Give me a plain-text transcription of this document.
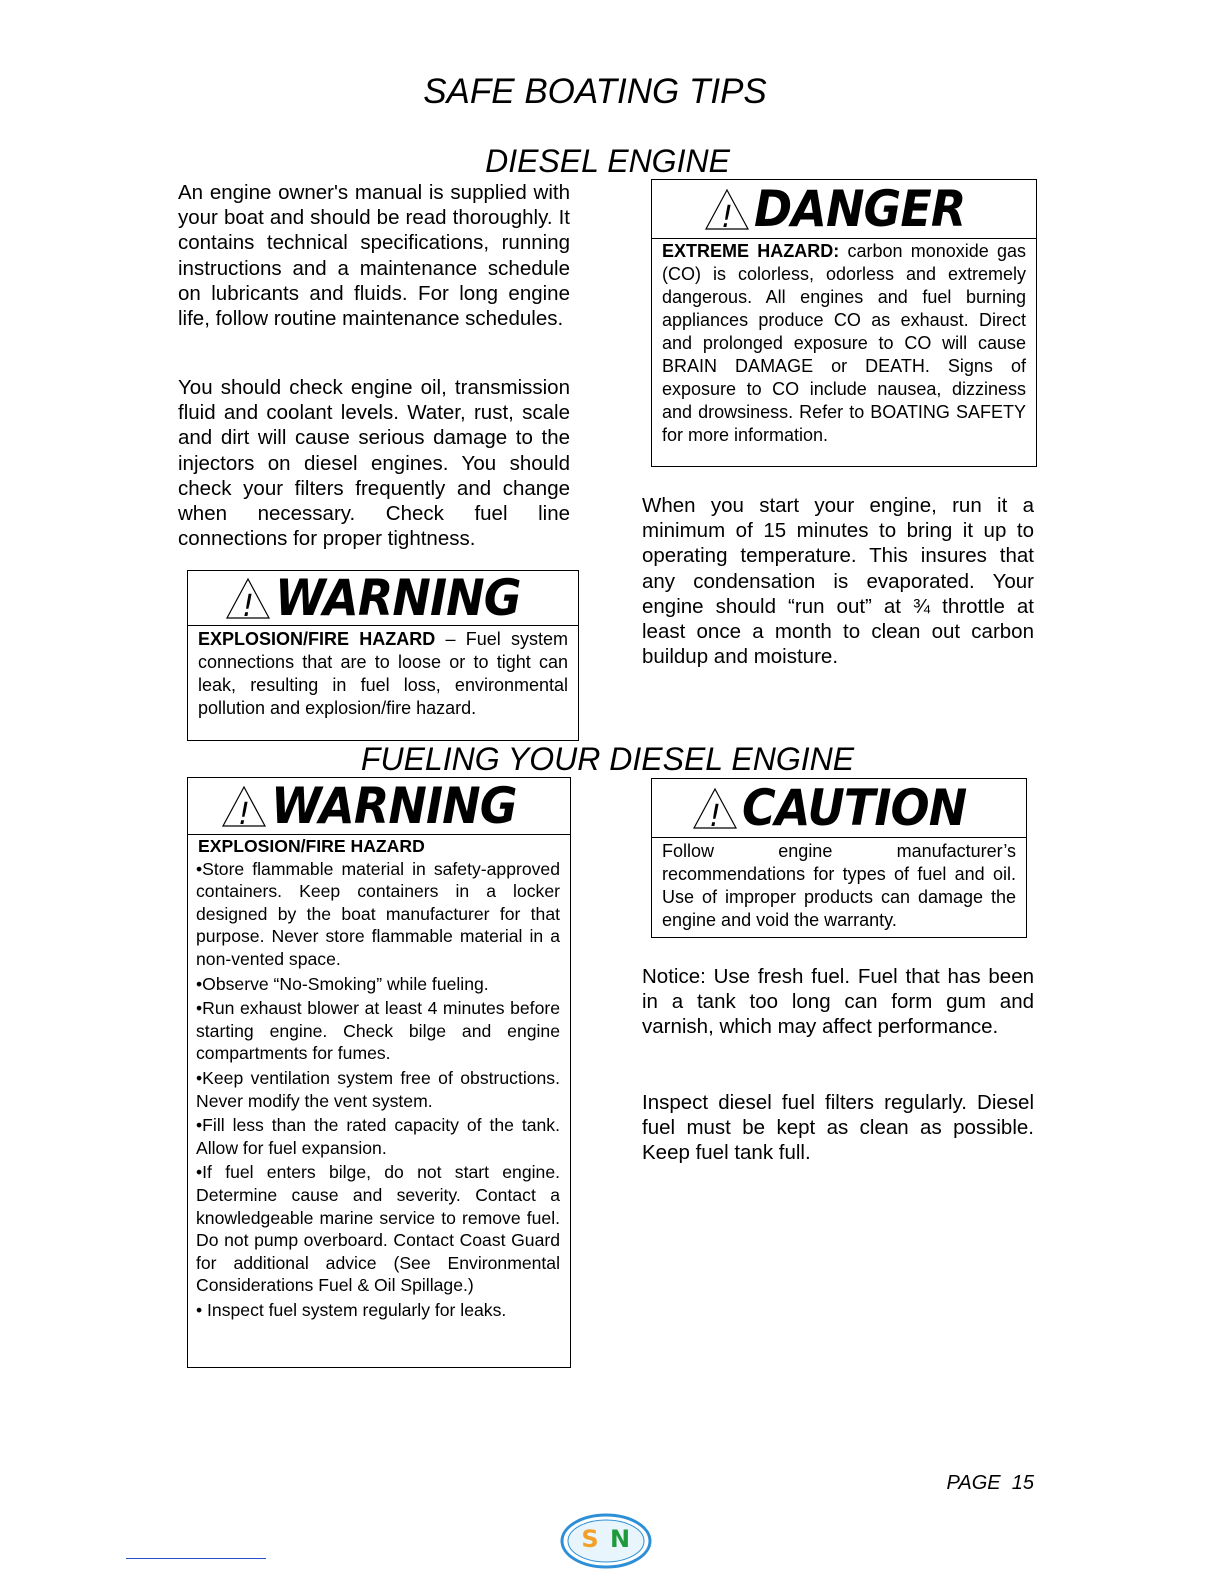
SAFE BOATING TIPS
DIESEL ENGINE

An engine owner's manual is supplied with your boat and should be read thoroughly. It contains technical specifications, running instructions and a maintenance schedule on lubricants and fluids. For long engine life, follow routine maintenance schedules.

You should check engine oil, transmission fluid and coolant levels. Water, rust, scale and dirt will cause serious damage to the injectors on diesel engines. You should check your filters frequently and change when necessary. Check fuel line connections for proper tightness.

! DANGER
EXTREME HAZARD: carbon monoxide gas (CO) is colorless, odorless and extremely dangerous. All engines and fuel burning appliances produce CO as exhaust. Direct and prolonged exposure to CO will cause BRAIN DAMAGE or DEATH. Signs of exposure to CO include nausea, dizziness and drowsiness. Refer to BOATING SAFETY for more information.

When you start your engine, run it a minimum of 15 minutes to bring it up to operating temperature. This insures that any condensation is evaporated. Your engine should “run out” at ¾ throttle at least once a month to clean out carbon buildup and moisture.

! WARNING
EXPLOSION/FIRE HAZARD – Fuel system connections that are to loose or to tight can leak, resulting in fuel loss, environmental pollution and explosion/fire hazard.
FUELING YOUR DIESEL ENGINE
! WARNING
EXPLOSION/FIRE HAZARD
•Store flammable material in safety-approved containers. Keep containers in a locker designed by the boat manufacturer for that purpose. Never store flammable material in a non-vented space.
•Observe “No-Smoking” while fueling.
•Run exhaust blower at least 4 minutes before starting engine. Check bilge and engine compartments for fumes.
•Keep ventilation system free of obstructions. Never modify the vent system.
•Fill less than the rated capacity of the tank. Allow for fuel expansion.
•If fuel enters bilge, do not start engine. Determine cause and severity. Contact a knowledgeable marine service to remove fuel. Do not pump overboard. Contact Coast Guard for additional advice (See Environmental Considerations Fuel & Oil Spillage.)
• Inspect fuel system regularly for leaks.
! CAUTION
Follow engine manufacturer’s recommendations for types of fuel and oil. Use of improper products can damage the engine and void the warranty.

Notice: Use fresh fuel. Fuel that has been in a tank too long can form gum and varnish, which may affect performance.

Inspect diesel fuel filters regularly. Diesel fuel must be kept as clean as possible. Keep fuel tank full.

PAGE 15
S N
